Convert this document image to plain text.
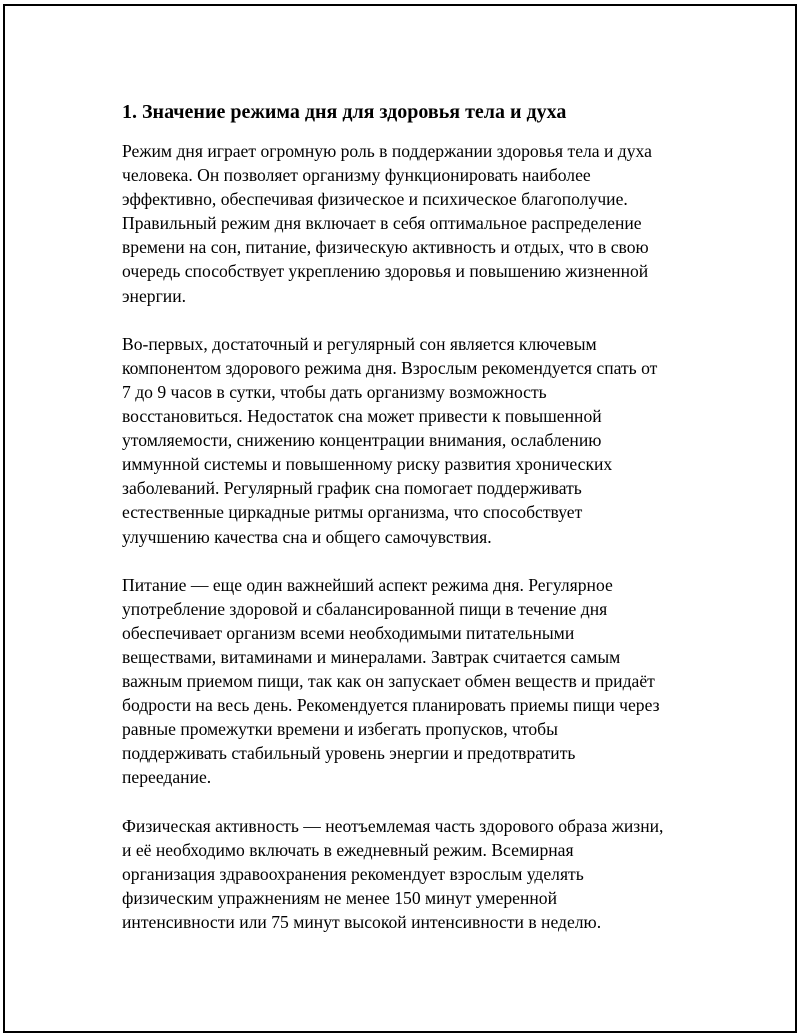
1. Значение режима дня для здоровья тела и духа

Режим дня играет огромную роль в поддержании здоровья тела и духа
человека. Он позволяет организму функционировать наиболее
эффективно, обеспечивая физическое и психическое благополучие.
Правильный режим дня включает в себя оптимальное распределение
времени на сон, питание, физическую активность и отдых, что в свою
очередь способствует укреплению здоровья и повышению жизненной
энергии.

Во-первых, достаточный и регулярный сон является ключевым
компонентом здорового режима дня. Взрослым рекомендуется спать от
7 до 9 часов в сутки, чтобы дать организму возможность
восстановиться. Недостаток сна может привести к повышенной
утомляемости, снижению концентрации внимания, ослаблению
иммунной системы и повышенному риску развития хронических
заболеваний. Регулярный график сна помогает поддерживать
естественные циркадные ритмы организма, что способствует
улучшению качества сна и общего самочувствия.

Питание — еще один важнейший аспект режима дня. Регулярное
употребление здоровой и сбалансированной пищи в течение дня
обеспечивает организм всеми необходимыми питательными
веществами, витаминами и минералами. Завтрак считается самым
важным приемом пищи, так как он запускает обмен веществ и придаёт
бодрости на весь день. Рекомендуется планировать приемы пищи через
равные промежутки времени и избегать пропусков, чтобы
поддерживать стабильный уровень энергии и предотвратить
переедание.

Физическая активность — неотъемлемая часть здорового образа жизни,
и её необходимо включать в ежедневный режим. Всемирная
организация здравоохранения рекомендует взрослым уделять
физическим упражнениям не менее 150 минут умеренной
интенсивности или 75 минут высокой интенсивности в неделю.
